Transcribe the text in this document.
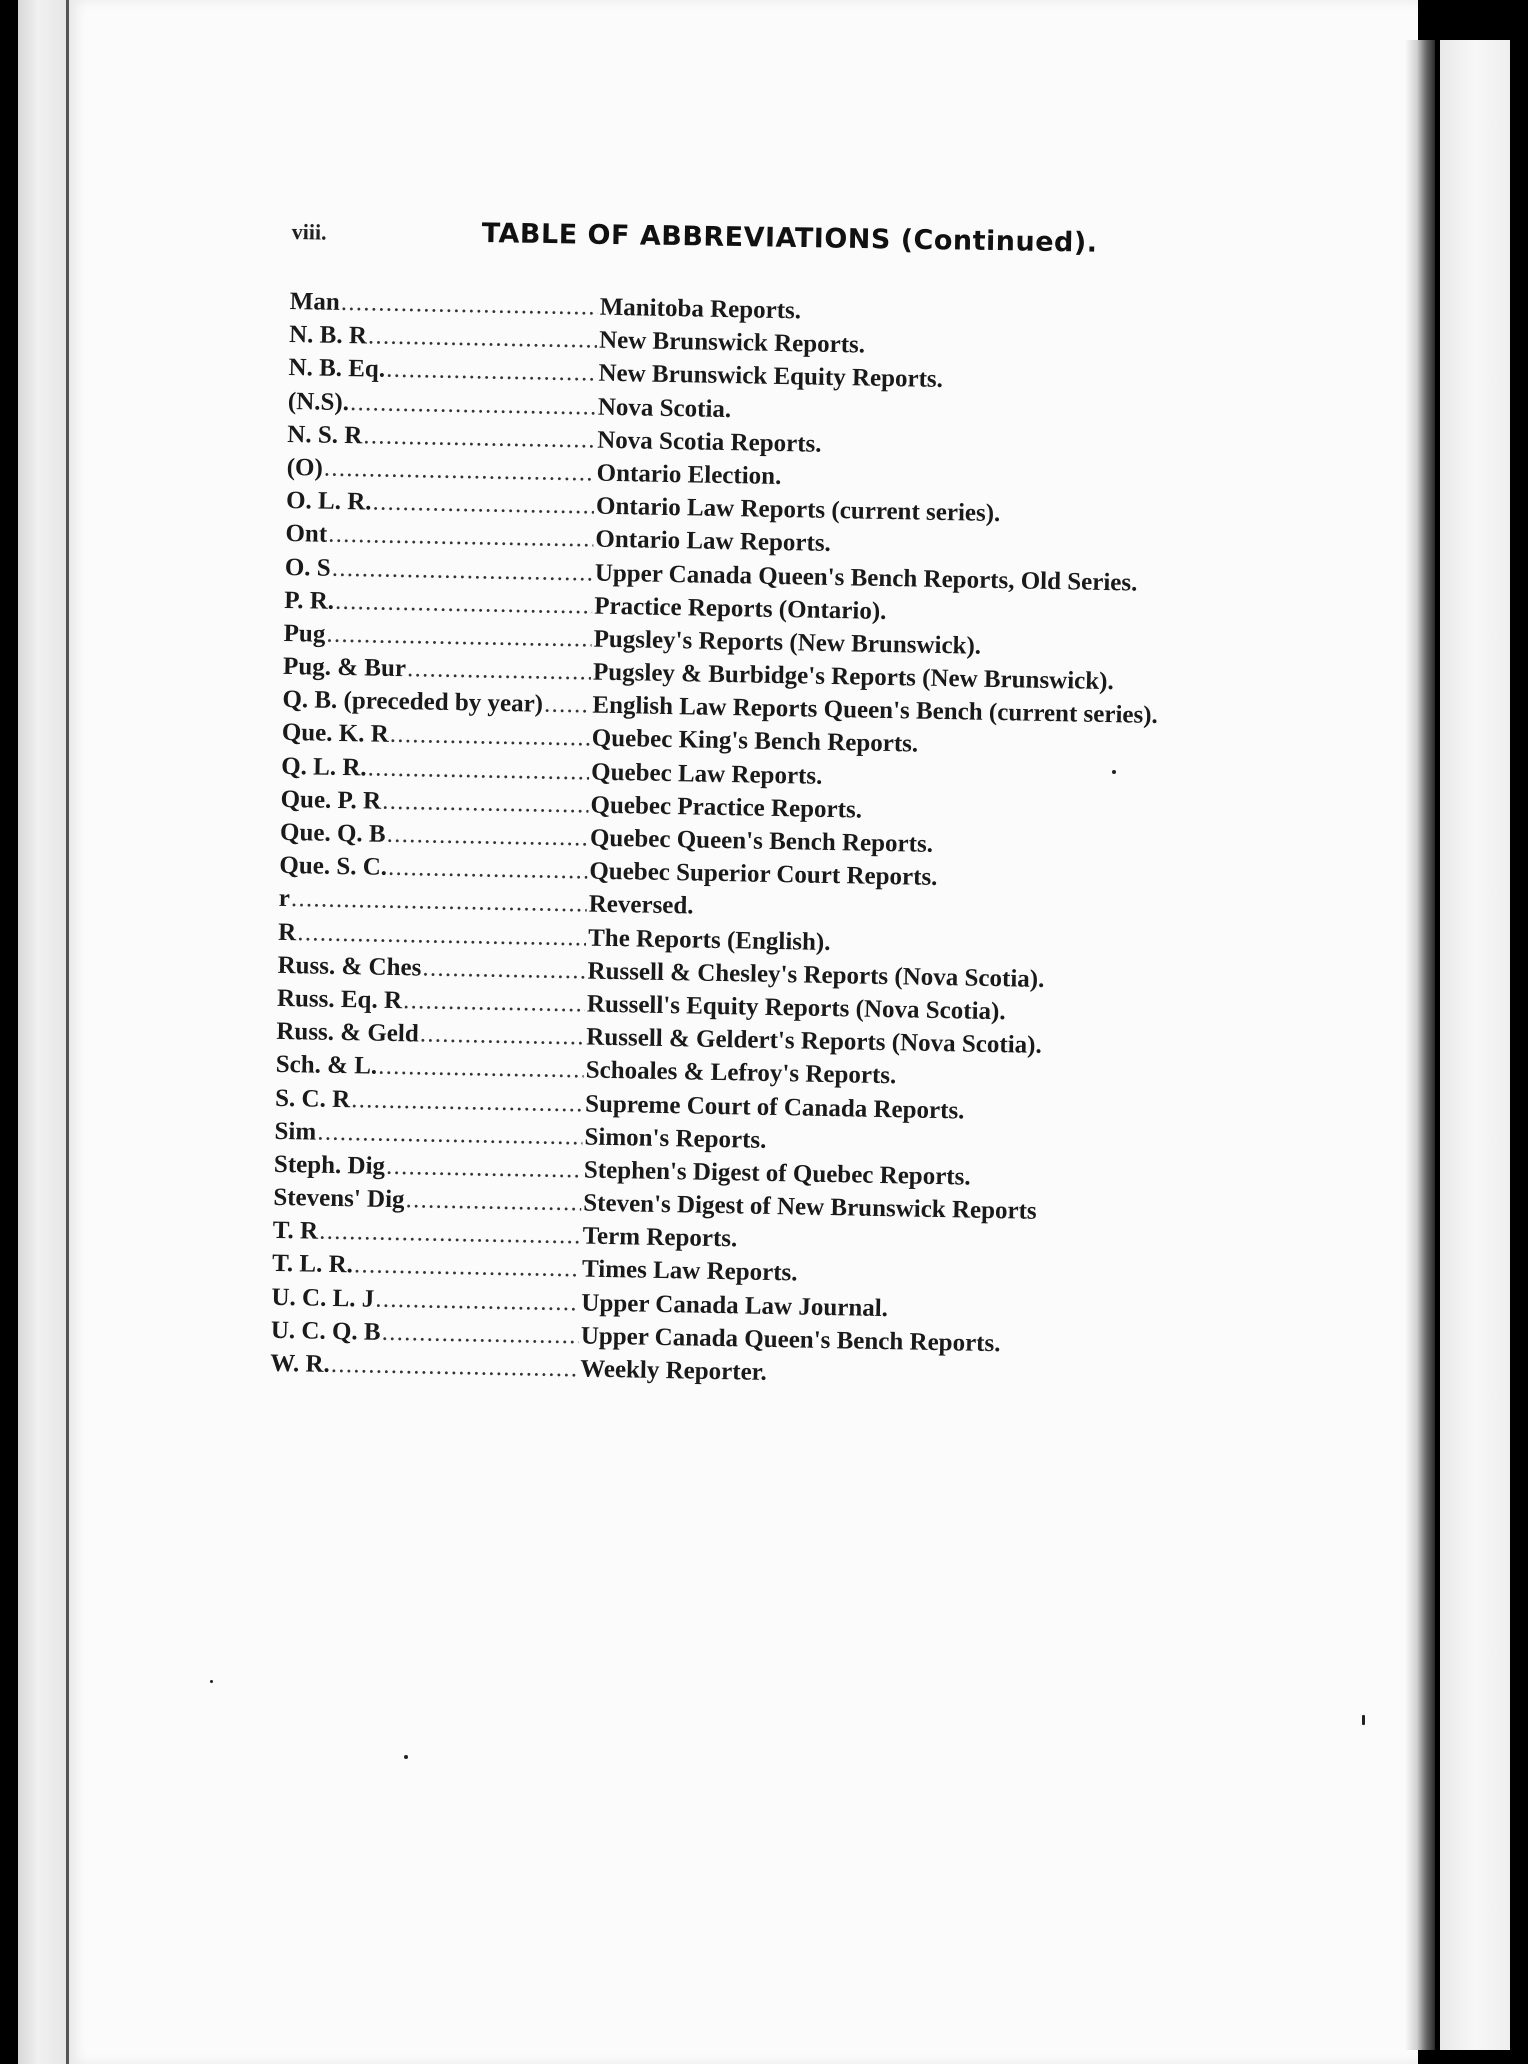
viii.	TABLE OF ABBREVIATIONS (Continued).
Man .....	Manitoba Reports.
N. B. R .....	New Brunswick Reports.
N. B. Eq. .....	New Brunswick Equity Reports.
(N.S). .....	Nova Scotia.
N. S. R .....	Nova Scotia Reports.
(O) .....	Ontario Election.
O. L. R. .....	Ontario Law Reports (current series).
Ont .....	Ontario Law Reports.
O. S .....	Upper Canada Queen's Bench Reports, Old Series.
P. R. .....	Practice Reports (Ontario).
Pug .....	Pugsley's Reports (New Brunswick).
Pug. & Bur .....	Pugsley & Burbidge's Reports (New Brunswick).
Q. B. (preceded by year) ..... English Law Reports Queen's Bench (current series).
Que. K. R .....	Quebec King's Bench Reports.
Q. L. R. .....	Quebec Law Reports.
Que. P. R .....	Quebec Practice Reports.
Que. Q. B .....	Quebec Queen's Bench Reports.
Que. S. C. .....	Quebec Superior Court Reports.
r .....	Reversed.
R .....	The Reports (English).
Russ. & Ches .....	Russell & Chesley's Reports (Nova Scotia).
Russ. Eq. R .....	Russell's Equity Reports (Nova Scotia).
Russ. & Geld .....	Russell & Geldert's Reports (Nova Scotia).
Sch. & L. .....	Schoales & Lefroy's Reports.
S. C. R .....	Supreme Court of Canada Reports.
Sim .....	Simon's Reports.
Steph. Dig .....	Stephen's Digest of Quebec Reports.
Stevens' Dig .....	Steven's Digest of New Brunswick Reports
T. R .....	Term Reports.
T. L. R. .....	Times Law Reports.
U. C. L. J .....	Upper Canada Law Journal.
U. C. Q. B .....	Upper Canada Queen's Bench Reports.
W. R. .....	Weekly Reporter.
